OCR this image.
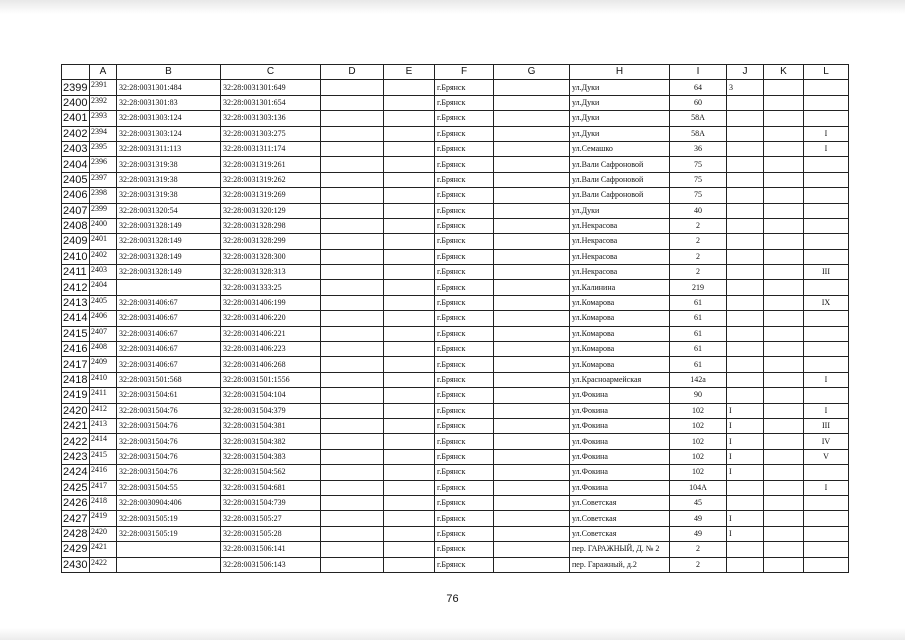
	A	B	C	D	E	F	G	H	I	J	K	L
2399	2391	32:28:0031301:484	32:28:0031301:649			г.Брянск		ул.Дуки	64	3		
2400	2392	32:28:0031301:83	32:28:0031301:654			г.Брянск		ул.Дуки	60			
2401	2393	32:28:0031303:124	32:28:0031303:136			г.Брянск		ул.Дуки	58А			
2402	2394	32:28:0031303:124	32:28:0031303:275			г.Брянск		ул.Дуки	58А			I
2403	2395	32:28:0031311:113	32:28:0031311:174			г.Брянск		ул.Семашко	36			I
2404	2396	32:28:0031319:38	32:28:0031319:261			г.Брянск		ул.Вали Сафроновой	75			
2405	2397	32:28:0031319:38	32:28:0031319:262			г.Брянск		ул.Вали Сафроновой	75			
2406	2398	32:28:0031319:38	32:28:0031319:269			г.Брянск		ул.Вали Сафроновой	75			
2407	2399	32:28:0031320:54	32:28:0031320:129			г.Брянск		ул.Дуки	40			
2408	2400	32:28:0031328:149	32:28:0031328:298			г.Брянск		ул.Некрасова	2			
2409	2401	32:28:0031328:149	32:28:0031328:299			г.Брянск		ул.Некрасова	2			
2410	2402	32:28:0031328:149	32:28:0031328:300			г.Брянск		ул.Некрасова	2			
2411	2403	32:28:0031328:149	32:28:0031328:313			г.Брянск		ул.Некрасова	2			III
2412	2404		32:28:0031333:25			г.Брянск		ул.Калинина	219			
2413	2405	32:28:0031406:67	32:28:0031406:199			г.Брянск		ул.Комарова	61			IX
2414	2406	32:28:0031406:67	32:28:0031406:220			г.Брянск		ул.Комарова	61			
2415	2407	32:28:0031406:67	32:28:0031406:221			г.Брянск		ул.Комарова	61			
2416	2408	32:28:0031406:67	32:28:0031406:223			г.Брянск		ул.Комарова	61			
2417	2409	32:28:0031406:67	32:28:0031406:268			г.Брянск		ул.Комарова	61			
2418	2410	32:28:0031501:568	32:28:0031501:1556			г.Брянск		ул.Красноармейская	142а			I
2419	2411	32:28:0031504:61	32:28:0031504:104			г.Брянск		ул.Фокина	90			
2420	2412	32:28:0031504:76	32:28:0031504:379			г.Брянск		ул.Фокина	102	I		I
2421	2413	32:28:0031504:76	32:28:0031504:381			г.Брянск		ул.Фокина	102	I		III
2422	2414	32:28:0031504:76	32:28:0031504:382			г.Брянск		ул.Фокина	102	I		IV
2423	2415	32:28:0031504:76	32:28:0031504:383			г.Брянск		ул.Фокина	102	I		V
2424	2416	32:28:0031504:76	32:28:0031504:562			г.Брянск		ул.Фокина	102	I		
2425	2417	32:28:0031504:55	32:28:0031504:681			г.Брянск		ул.Фокина	104А			I
2426	2418	32:28:0030904:406	32:28:0031504:739			г.Брянск		ул.Советская	45			
2427	2419	32:28:0031505:19	32:28:0031505:27			г.Брянск		ул.Советская	49	I		
2428	2420	32:28:0031505:19	32:28:0031505:28			г.Брянск		ул.Советская	49	I		
2429	2421		32:28:0031506:141			г.Брянск		пер. ГАРАЖНЫЙ, Д. № 2	2			
2430	2422		32:28:0031506:143			г.Брянск		пер. Гаражный, д.2	2			
76
